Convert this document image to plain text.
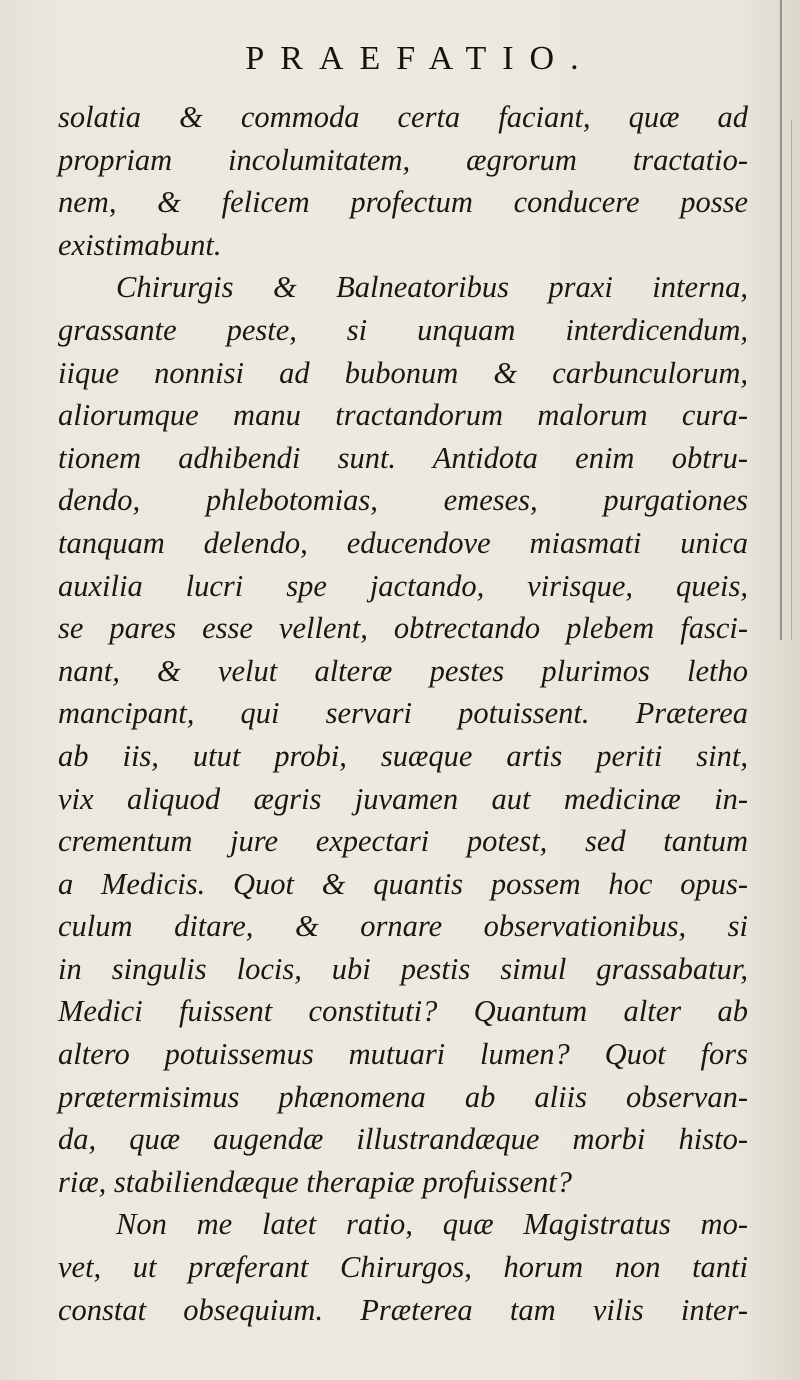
PRAEFATIO.
solatia & commoda certa faciant, quæ ad
propriam incolumitatem, ægrorum tractatio-
nem, & felicem profectum conducere posse
existimabunt.
Chirurgis & Balneatoribus praxi interna,
grassante peste, si unquam interdicendum,
iique nonnisi ad bubonum & carbunculorum,
aliorumque manu tractandorum malorum cura-
tionem adhibendi sunt. Antidota enim obtru-
dendo, phlebotomias, emeses, purgationes
tanquam delendo, educendove miasmati unica
auxilia lucri spe jactando, virisque, queis,
se pares esse vellent, obtrectando plebem fasci-
nant, & velut alteræ pestes plurimos letho
mancipant, qui servari potuissent. Præterea
ab iis, utut probi, suæque artis periti sint,
vix aliquod ægris juvamen aut medicinæ in-
crementum jure expectari potest, sed tantum
a Medicis. Quot & quantis possem hoc opus-
culum ditare, & ornare observationibus, si
in singulis locis, ubi pestis simul grassabatur,
Medici fuissent constituti? Quantum alter ab
altero potuissemus mutuari lumen? Quot fors
prætermisimus phænomena ab aliis observan-
da, quæ augendæ illustrandæque morbi histo-
riæ, stabiliendæque therapiæ profuissent?
Non me latet ratio, quæ Magistratus mo-
vet, ut præferant Chirurgos, horum non tanti
constat obsequium. Præterea tam vilis inter-
